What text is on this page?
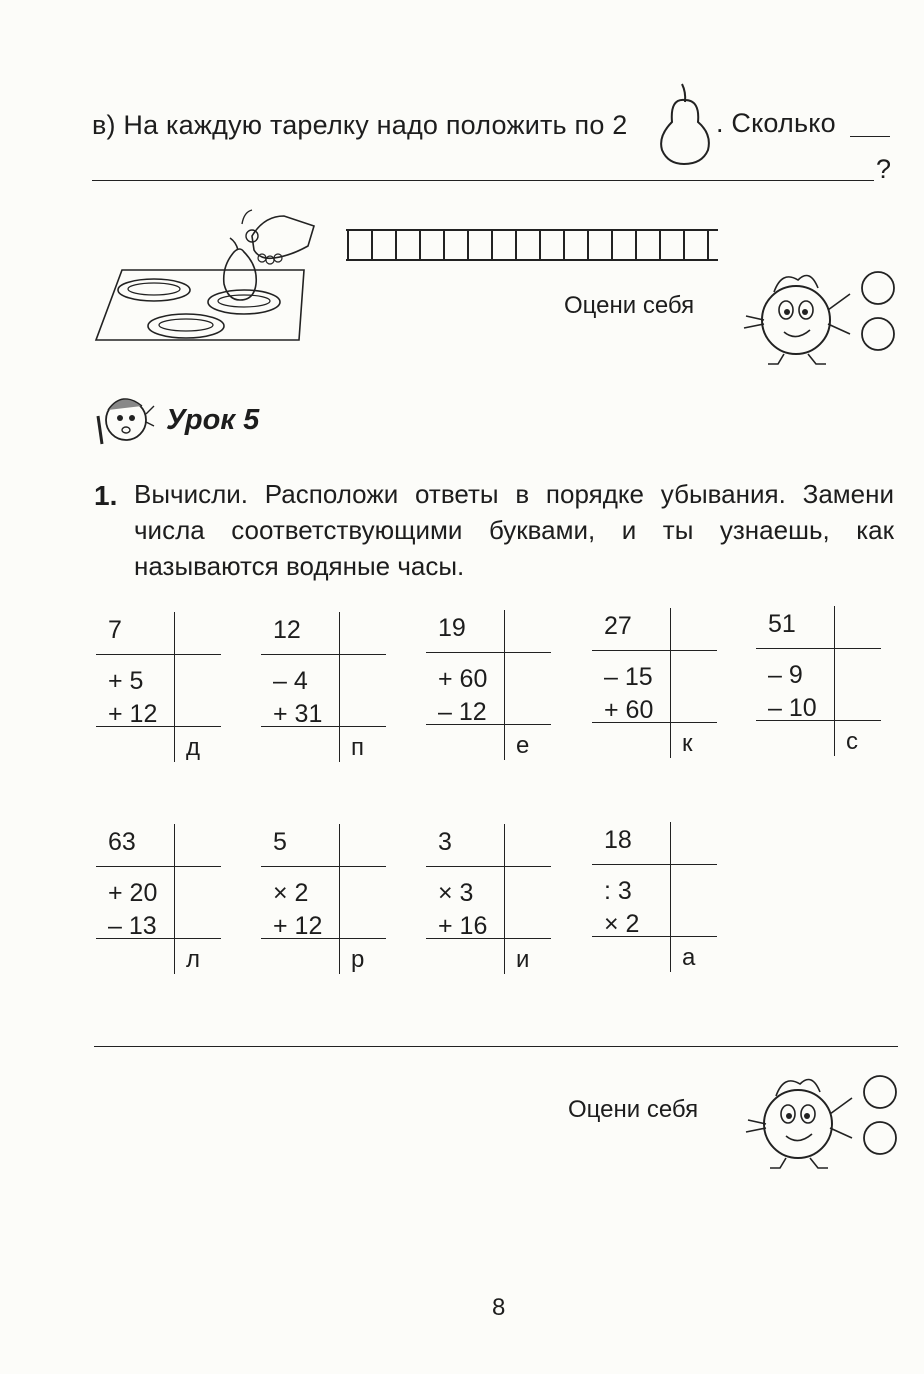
в) На каждую тарелку надо положить по 2	. Сколько
?
Оцени себя
Урок 5
1. Вычисли. Расположи ответы в порядке убывания. Замени числа соответствующими буквами, и ты узнаешь, как называются водяные часы.
7
+ 5
+ 12
д
12
– 4
+ 31
п
19
+ 60
– 12
е
27
– 15
+ 60
к
51
– 9
– 10
с
63
+ 20
– 13
л
5
× 2
+ 12
р
3
× 3
+ 16
и
18
: 3
× 2
а
Оцени себя
8
